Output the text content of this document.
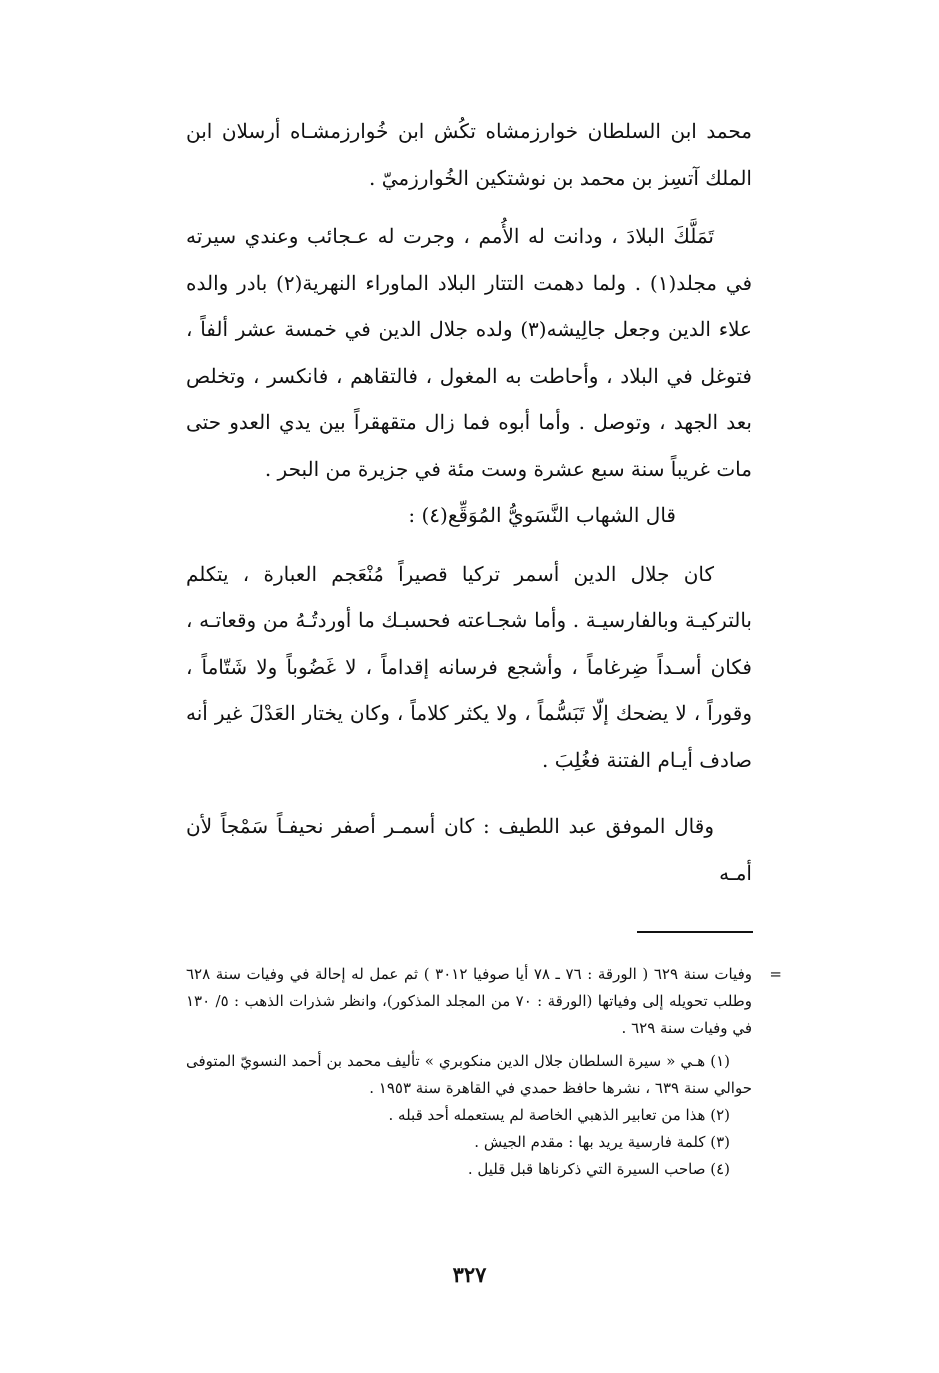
محمد ابن السلطان خوارزمشاه تكُش ابن خُوارزمشـاه أرسلان ابن الملك آتسِز بن محمد بن نوشتكين الخُوارزميّ .

تَمَلَّكَ البلادَ ، ودانت له الأُمم ، وجرت له عـجائب وعندي سيرته في مجلد(١) . ولما دهمت التتار البلاد الماوراء النهرية(٢) بادر والده علاء الدين وجعل جالِيشه(٣) ولده جلال الدين في خمسة عشر ألفاً ، فتوغل في البلاد ، وأحاطت به المغول ، فالتقاهم ، فانكسر ، وتخلص بعد الجهد ، وتوصل . وأما أبوه فما زال متقهقراً بين يدي العدو حتى مات غريباً سنة سبع عشرة وست مئة في جزيرة من البحر .

قال الشهاب النَّسَويُّ المُوَقِّع(٤) :

كان جلال الدين أسمر تركيا قصيراً مُنْعَجم العبارة ، يتكلم بالتركيـة وبالفارسيـة . وأما شجـاعته فحسبـك ما أوردتُـهُ من وقعاتـه ، فكان أسـداً ضِرغاماً ، وأشجع فرسانه إقداماً ، لا غَضُوباً ولا شَتّاماً ، وقوراً ، لا يضحك إلّا تَبَسُّماً ، ولا يكثر كلاماً ، وكان يختار العَدْلَ غير أنه صادف أيـام الفتنة فغُلِبَ .

وقال الموفق عبد اللطيف : كان أسمـر أصفر نحيفـاً سَمْجاً لأن أمـه

=
وفيات سنة ٦٢٩ ( الورقة : ٧٦ ـ ٧٨ أيا صوفيا ٣٠١٢ ) ثم عمل له إحالة في وفيات سنة ٦٢٨ وطلب تحويله إلى وفياتها (الورقة : ٧٠ من المجلد المذكور)، وانظر شذرات الذهب : ٥/ ١٣٠ في وفيات سنة ٦٢٩ .

(١) هـي « سيرة السلطان جلال الدين منكوبري » تأليف محمد بن أحمد النسويّ المتوفى حوالي سنة ٦٣٩ ، نشرها حافظ حمدي في القاهرة سنة ١٩٥٣ .

(٢) هذا من تعابير الذهبي الخاصة لم يستعمله أحد قبله .

(٣) كلمة فارسية يريد بها : مقدم الجيش .

(٤) صاحب السيرة التي ذكرناها قبل قليل .

٣٢٧
